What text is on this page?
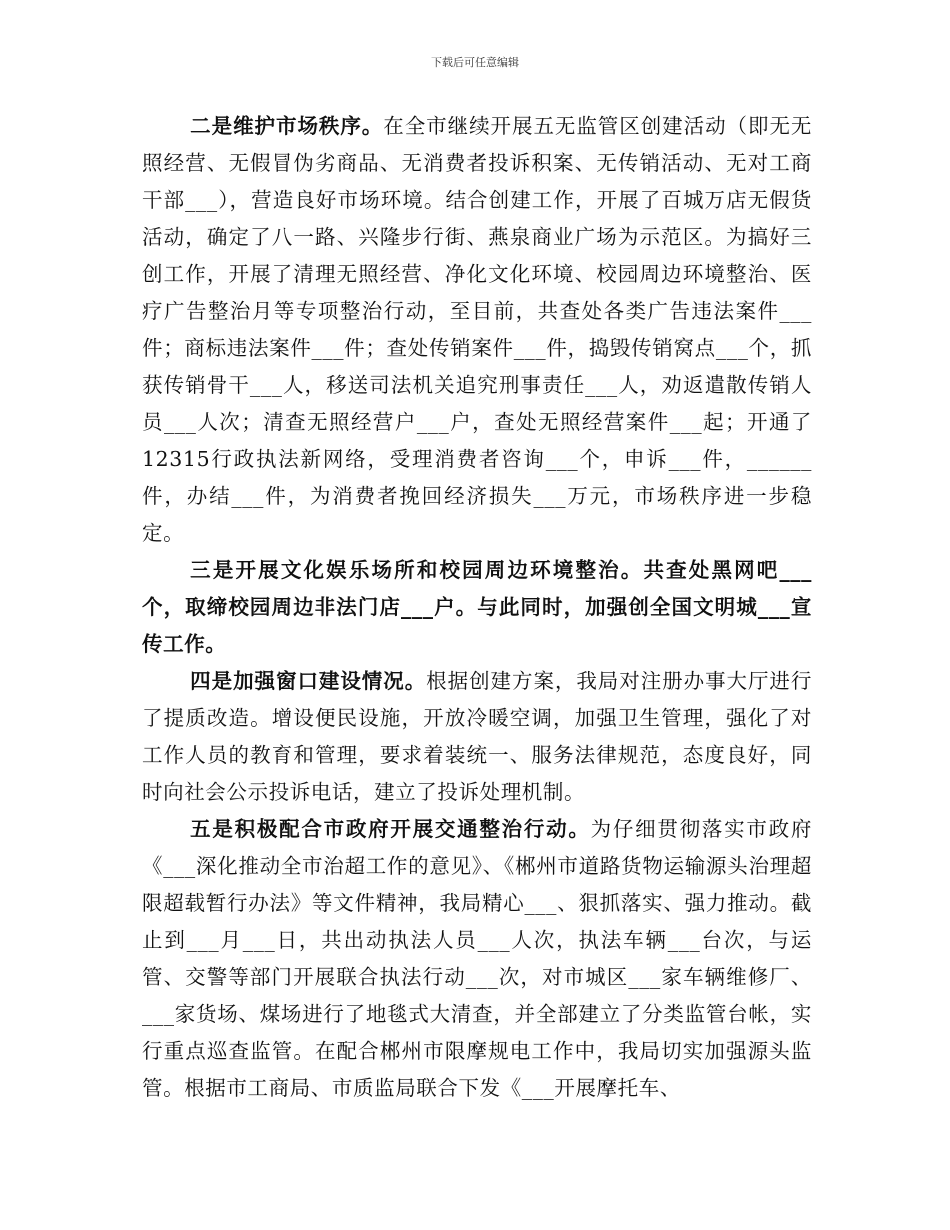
下载后可任意编辑

二是维护市场秩序。在全市继续开展五无监管区创建活动（即无无照经营、无假冒伪劣商品、无消费者投诉积案、无传销活动、无对工商干部___），营造良好市场环境。结合创建工作，开展了百城万店无假货活动，确定了八一路、兴隆步行街、燕泉商业广场为示范区。为搞好三创工作，开展了清理无照经营、净化文化环境、校园周边环境整治、医疗广告整治月等专项整治行动，至目前，共查处各类广告违法案件___件；商标违法案件___件；查处传销案件___件，捣毁传销窝点___个，抓获传销骨干___人，移送司法机关追究刑事责任___人，劝返遣散传销人员___人次；清查无照经营户___户，查处无照经营案件___起；开通了12315行政执法新网络，受理消费者咨询___个，申诉___件，______件，办结___件，为消费者挽回经济损失___万元，市场秩序进一步稳定。

三是开展文化娱乐场所和校园周边环境整治。共查处黑网吧___个，取缔校园周边非法门店___户。与此同时，加强创全国文明城___宣传工作。

四是加强窗口建设情况。根据创建方案，我局对注册办事大厅进行了提质改造。增设便民设施，开放冷暖空调，加强卫生管理，强化了对工作人员的教育和管理，要求着装统一、服务法律规范，态度良好，同时向社会公示投诉电话，建立了投诉处理机制。

五是积极配合市政府开展交通整治行动。为仔细贯彻落实市政府《___深化推动全市治超工作的意见》、《郴州市道路货物运输源头治理超限超载暂行办法》等文件精神，我局精心___、狠抓落实、强力推动。截止到___月___日，共出动执法人员___人次，执法车辆___台次，与运管、交警等部门开展联合执法行动___次，对市城区___家车辆维修厂、___家货场、煤场进行了地毯式大清查，并全部建立了分类监管台帐，实行重点巡查监管。在配合郴州市限摩规电工作中，我局切实加强源头监管。根据市工商局、市质监局联合下发《___开展摩托车、
